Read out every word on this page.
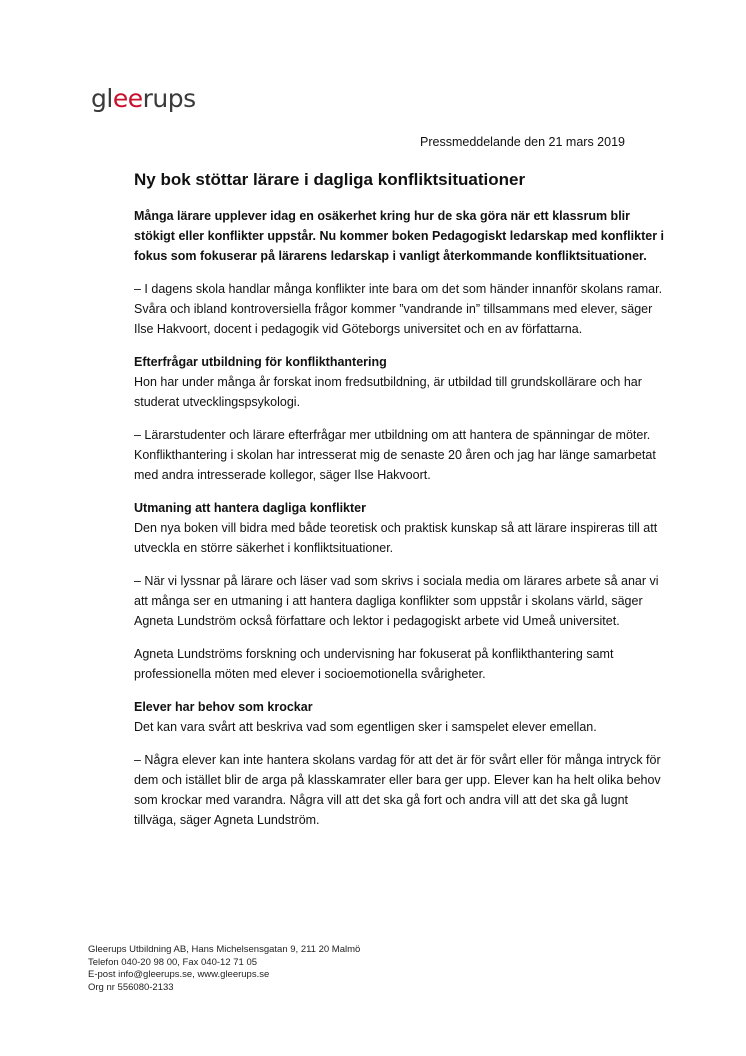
gleerups
Pressmeddelande den 21 mars 2019
Ny bok stöttar lärare i dagliga konfliktsituationer

Många lärare upplever idag en osäkerhet kring hur de ska göra när ett klassrum blir stökigt eller konflikter uppstår. Nu kommer boken Pedagogiskt ledarskap med konflikter i fokus som fokuserar på lärarens ledarskap i vanligt återkommande konfliktsituationer.

– I dagens skola handlar många konflikter inte bara om det som händer innanför skolans ramar. Svåra och ibland kontroversiella frågor kommer ”vandrande in” tillsammans med elever, säger Ilse Hakvoort, docent i pedagogik vid Göteborgs universitet och en av författarna.

Efterfrågar utbildning för konflikthantering

Hon har under många år forskat inom fredsutbildning, är utbildad till grundskollärare och har studerat utvecklingspsykologi.

– Lärarstudenter och lärare efterfrågar mer utbildning om att hantera de spänningar de möter. Konflikthantering i skolan har intresserat mig de senaste 20 åren och jag har länge samarbetat med andra intresserade kollegor, säger Ilse Hakvoort.

Utmaning att hantera dagliga konflikter

Den nya boken vill bidra med både teoretisk och praktisk kunskap så att lärare inspireras till att utveckla en större säkerhet i konfliktsituationer.

– När vi lyssnar på lärare och läser vad som skrivs i sociala media om lärares arbete så anar vi att många ser en utmaning i att hantera dagliga konflikter som uppstår i skolans värld, säger Agneta Lundström också författare och lektor i pedagogiskt arbete vid Umeå universitet.

Agneta Lundströms forskning och undervisning har fokuserat på konflikthantering samt professionella möten med elever i socioemotionella svårigheter.

Elever har behov som krockar

Det kan vara svårt att beskriva vad som egentligen sker i samspelet elever emellan.

– Några elever kan inte hantera skolans vardag för att det är för svårt eller för många intryck för dem och istället blir de arga på klasskamrater eller bara ger upp. Elever kan ha helt olika behov som krockar med varandra. Några vill att det ska gå fort och andra vill att det ska gå lugnt tillväga, säger Agneta Lundström.

Gleerups Utbildning AB, Hans Michelsensgatan 9, 211 20 Malmö
Telefon 040-20 98 00, Fax 040-12 71 05
E-post info@gleerups.se, www.gleerups.se
Org nr 556080-2133
